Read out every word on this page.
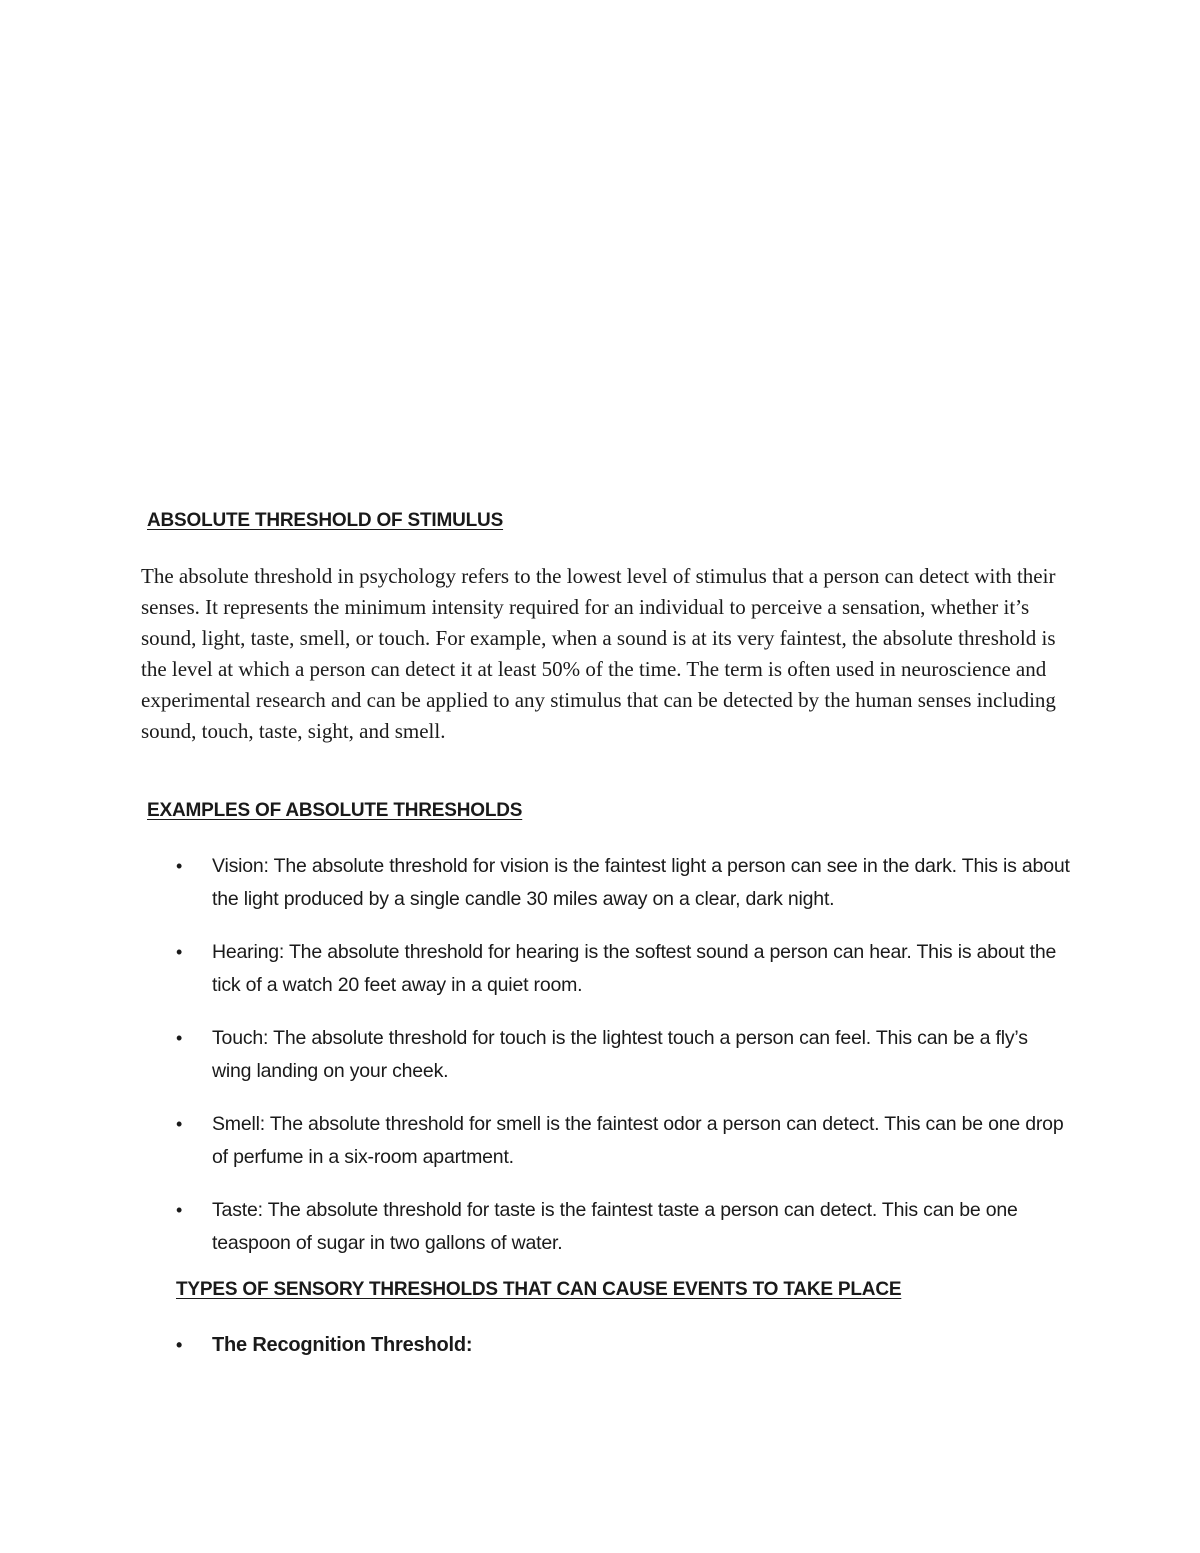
ABSOLUTE THRESHOLD OF STIMULUS

The absolute threshold in psychology refers to the lowest level of stimulus that a person can detect with their senses. It represents the minimum intensity required for an individual to perceive a sensation, whether it’s sound, light, taste, smell, or touch. For example, when a sound is at its very faintest, the absolute threshold is the level at which a person can detect it at least 50% of the time. The term is often used in neuroscience and experimental research and can be applied to any stimulus that can be detected by the human senses including sound, touch, taste, sight, and smell.

EXAMPLES OF ABSOLUTE THRESHOLDS
• Vision: The absolute threshold for vision is the faintest light a person can see in the dark. This is about the light produced by a single candle 30 miles away on a clear, dark night.
• Hearing: The absolute threshold for hearing is the softest sound a person can hear. This is about the tick of a watch 20 feet away in a quiet room.
• Touch: The absolute threshold for touch is the lightest touch a person can feel. This can be a fly’s wing landing on your cheek.
• Smell: The absolute threshold for smell is the faintest odor a person can detect. This can be one drop of perfume in a six-room apartment.
• Taste: The absolute threshold for taste is the faintest taste a person can detect. This can be one teaspoon of sugar in two gallons of water.
TYPES OF SENSORY THRESHOLDS THAT CAN CAUSE EVENTS TO TAKE PLACE
• The Recognition Threshold:
